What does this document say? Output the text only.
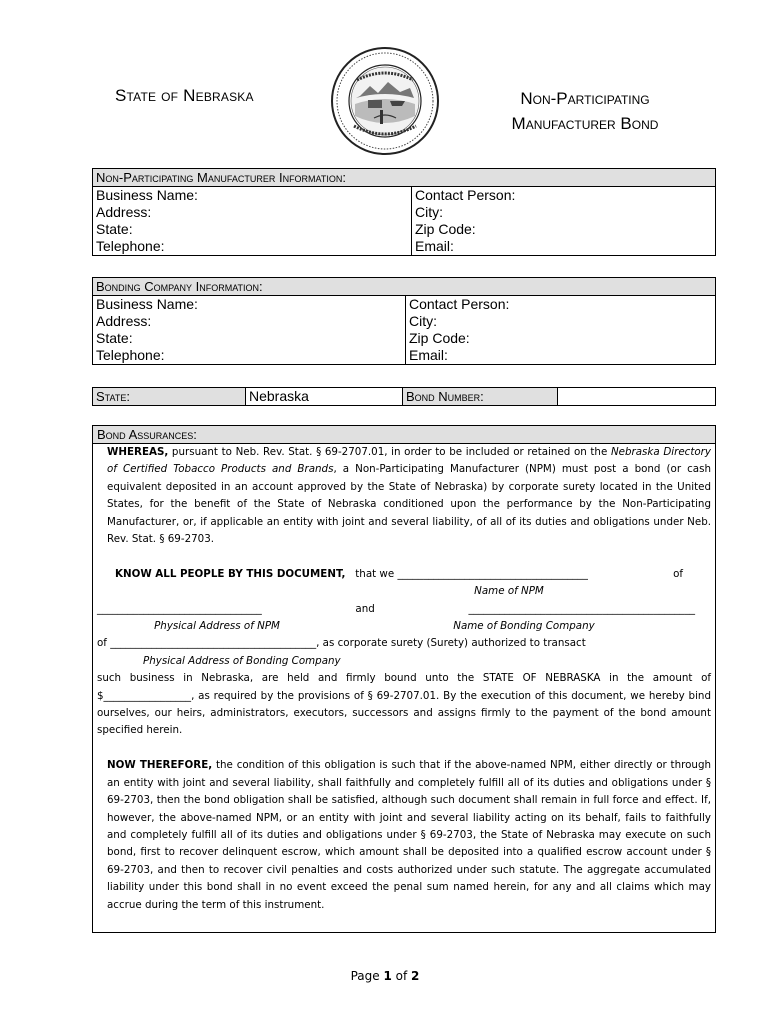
State of Nebraska	Non-Participating
Manufacturer Bond
Non-Participating Manufacturer Information:	
Business Name:	Contact Person:
Address:	City:
State:	Zip Code:
Telephone:	Email:
Bonding Company Information:	
Business Name:	Contact Person:
Address:	City:
State:	Zip Code:
Telephone:	Email:
State:	Nebraska	Bond Number:	
Bond Assurances:

WHEREAS, pursuant to Neb. Rev. Stat. § 69-2707.01, in order to be included or retained on the Nebraska Directory of Certified Tobacco Products and Brands, a Non-Participating Manufacturer (NPM) must post a bond (or cash equivalent deposited in an account approved by the State of Nebraska) by corporate surety located in the United States, for the benefit of the State of Nebraska conditioned upon the performance by the Non-Participating Manufacturer, or, if applicable an entity with joint and several liability, of all of its duties and obligations under Neb. Rev. Stat. § 69-2703.

KNOW ALL PEOPLE BY THIS DOCUMENT, that we _____________________________________	of
Name of NPM
________________________________	and	____________________________________________
Physical Address of NPM	Name of Bonding Company

of ________________________________________, as corporate surety (Surety) authorized to transact

Physical Address of Bonding Company

such business in Nebraska, are held and firmly bound unto the STATE OF NEBRASKA in the amount of $_________________, as required by the provisions of § 69-2707.01. By the execution of this document, we hereby bind ourselves, our heirs, administrators, executors, successors and assigns firmly to the payment of the bond amount specified herein.

NOW THEREFORE, the condition of this obligation is such that if the above-named NPM, either directly or through an entity with joint and several liability, shall faithfully and completely fulfill all of its duties and obligations under § 69-2703, then the bond obligation shall be satisfied, although such document shall remain in full force and effect. If, however, the above-named NPM, or an entity with joint and several liability acting on its behalf, fails to faithfully and completely fulfill all of its duties and obligations under § 69-2703, the State of Nebraska may execute on such bond, first to recover delinquent escrow, which amount shall be deposited into a qualified escrow account under § 69-2703, and then to recover civil penalties and costs authorized under such statute. The aggregate accumulated liability under this bond shall in no event exceed the penal sum named herein, for any and all claims which may accrue during the term of this instrument.

Page 1 of 2
